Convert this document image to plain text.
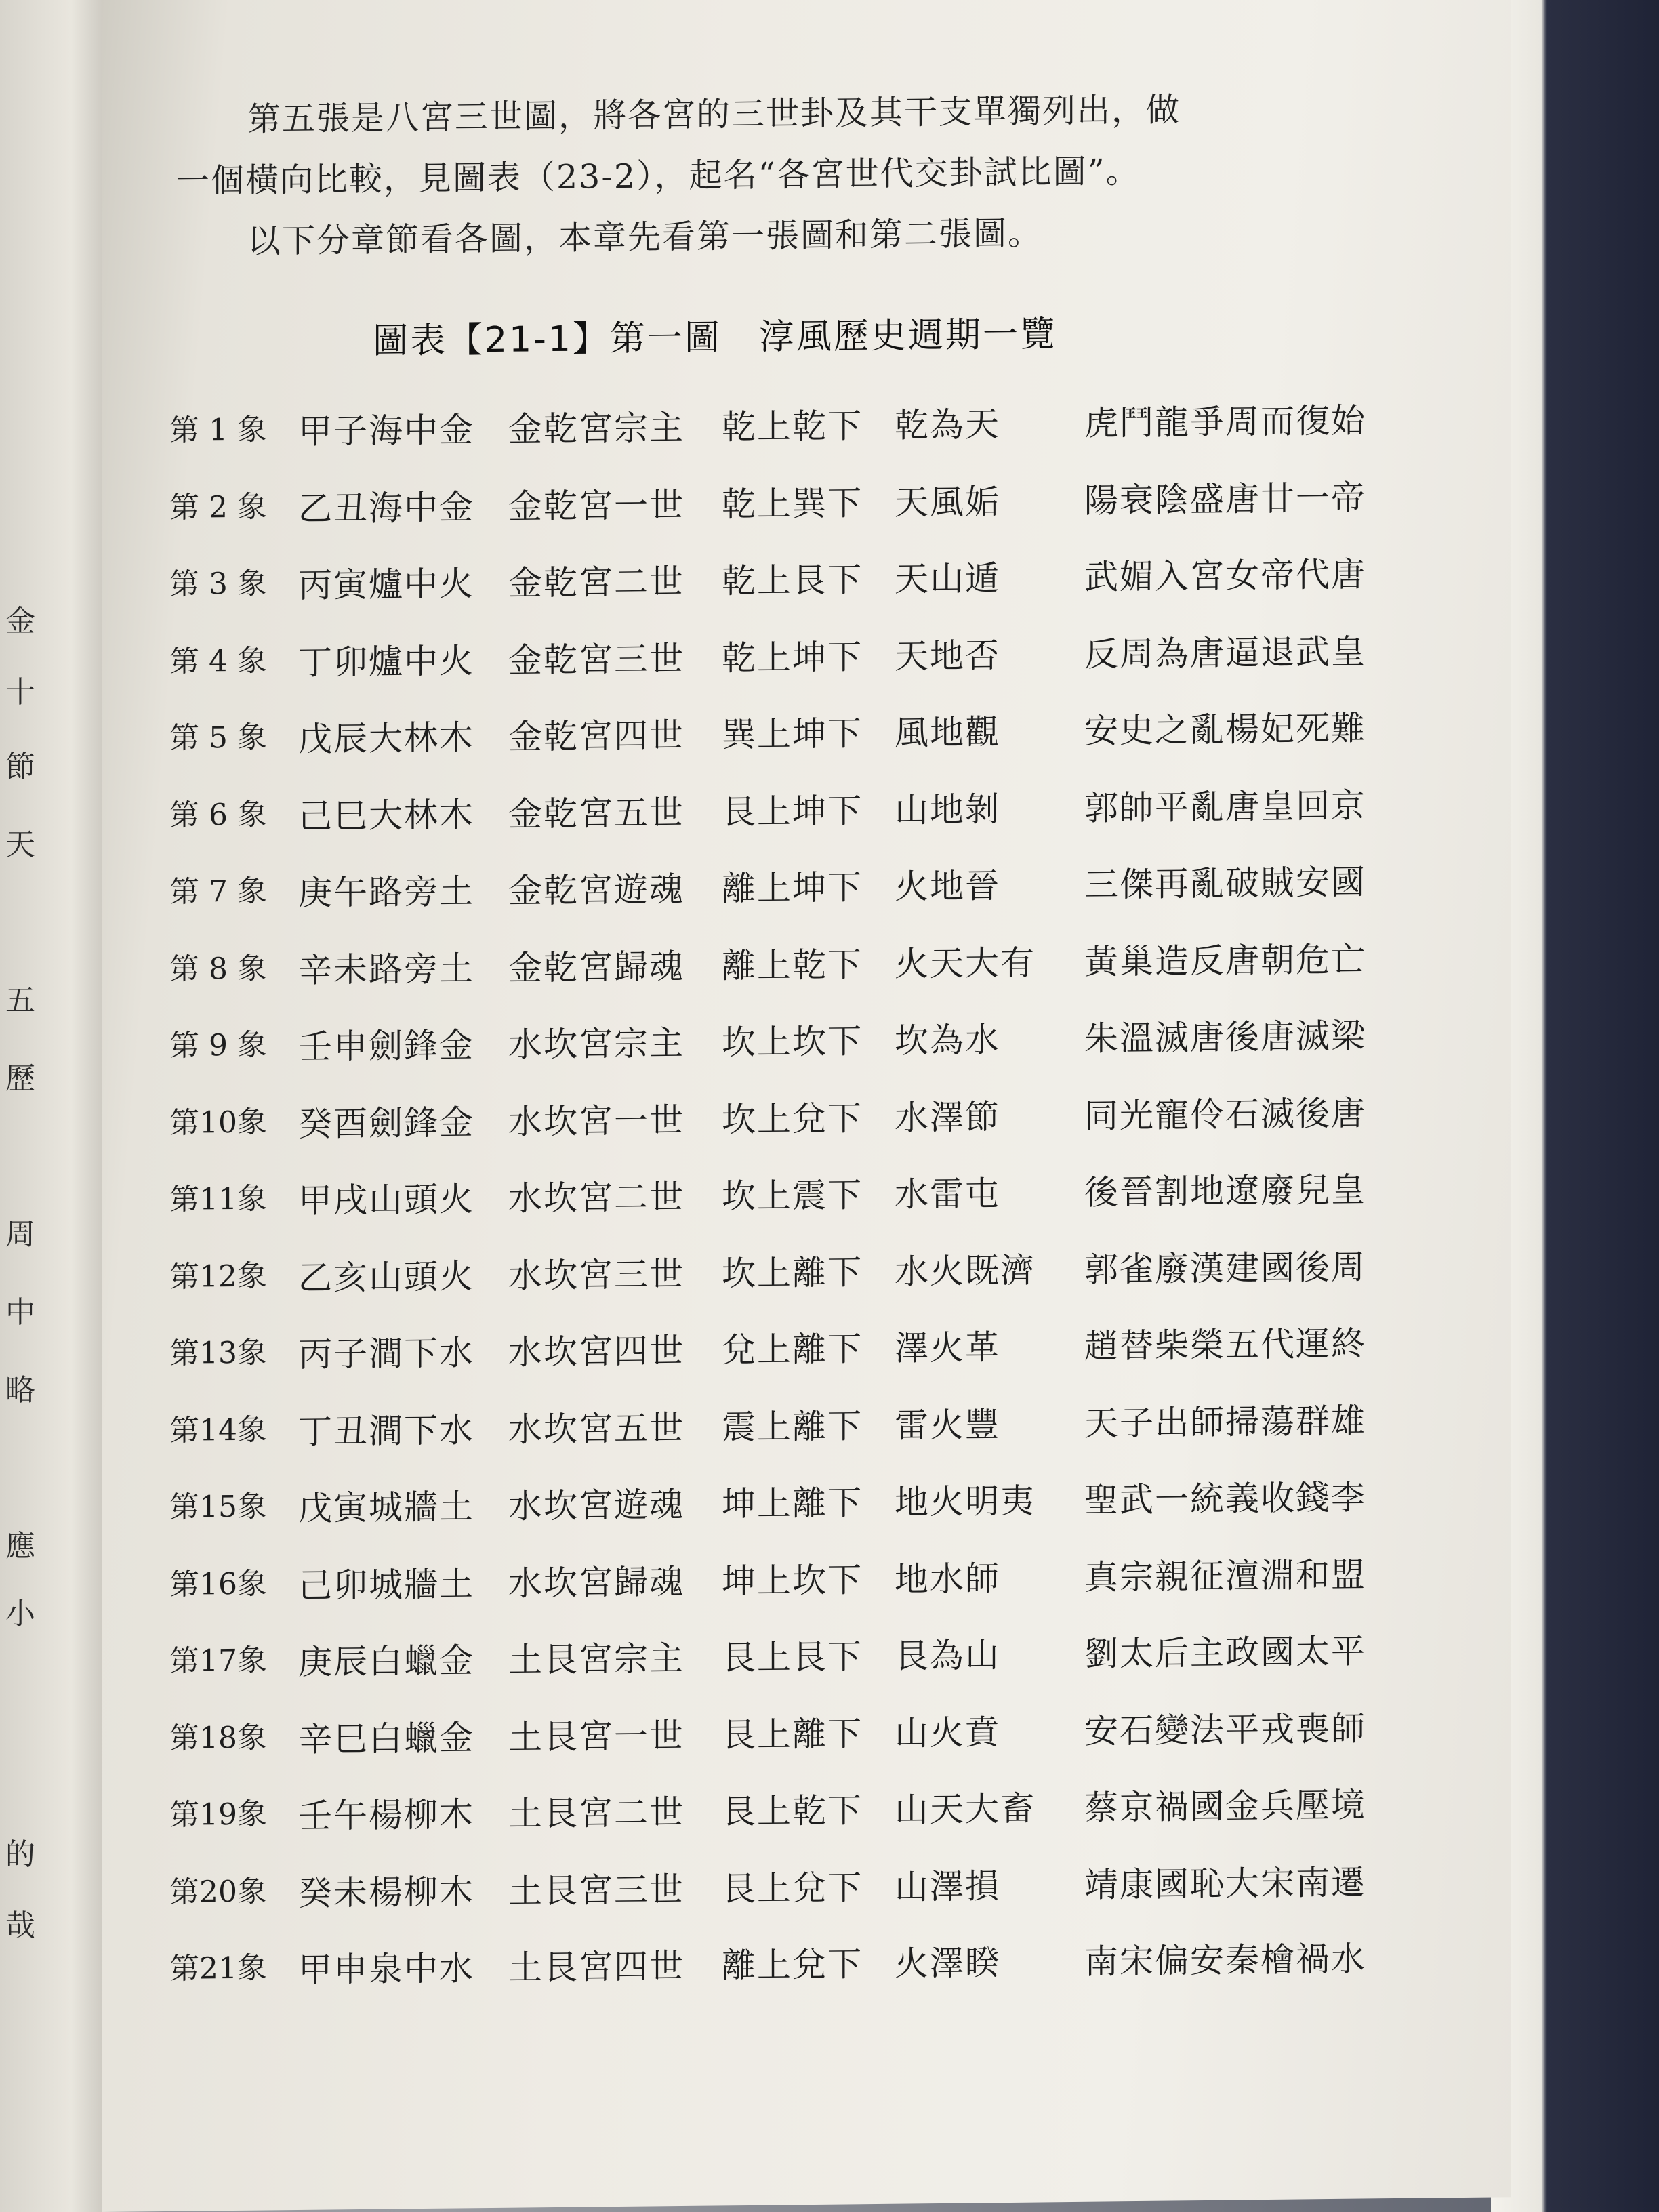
金
十
節
天
五
歷
周
中
略
應
小
的
哉
第五張是八宮三世圖，將各宮的三世卦及其干支單獨列出，做
一個橫向比較，見圖表（23-2），起名“各宮世代交卦試比圖”。
以下分章節看各圖，本章先看第一張圖和第二張圖。
圖表【21-1】第一圖　淳風歷史週期一覽
第 1 象 甲子海中金 金乾宮宗主 乾上乾下 乾為天 虎鬥龍爭周而復始
第 2 象 乙丑海中金 金乾宮一世 乾上巽下 天風姤 陽衰陰盛唐廿一帝
第 3 象 丙寅爐中火 金乾宮二世 乾上艮下 天山遁 武媚入宮女帝代唐
第 4 象 丁卯爐中火 金乾宮三世 乾上坤下 天地否 反周為唐逼退武皇
第 5 象 戊辰大林木 金乾宮四世 巽上坤下 風地觀 安史之亂楊妃死難
第 6 象 己巳大林木 金乾宮五世 艮上坤下 山地剝 郭帥平亂唐皇回京
第 7 象 庚午路旁土 金乾宮遊魂 離上坤下 火地晉 三傑再亂破賊安國
第 8 象 辛未路旁土 金乾宮歸魂 離上乾下 火天大有 黃巢造反唐朝危亡
第 9 象 壬申劍鋒金 水坎宮宗主 坎上坎下 坎為水 朱溫滅唐後唐滅梁
第10象 癸酉劍鋒金 水坎宮一世 坎上兌下 水澤節 同光寵伶石滅後唐
第11象 甲戌山頭火 水坎宮二世 坎上震下 水雷屯 後晉割地遼廢兒皇
第12象 乙亥山頭火 水坎宮三世 坎上離下 水火既濟 郭雀廢漢建國後周
第13象 丙子澗下水 水坎宮四世 兌上離下 澤火革 趙替柴榮五代運終
第14象 丁丑澗下水 水坎宮五世 震上離下 雷火豐 天子出師掃蕩群雄
第15象 戊寅城牆土 水坎宮遊魂 坤上離下 地火明夷 聖武一統義收錢李
第16象 己卯城牆土 水坎宮歸魂 坤上坎下 地水師 真宗親征澶淵和盟
第17象 庚辰白蠟金 土艮宮宗主 艮上艮下 艮為山 劉太后主政國太平
第18象 辛巳白蠟金 土艮宮一世 艮上離下 山火賁 安石變法平戎喪師
第19象 壬午楊柳木 土艮宮二世 艮上乾下 山天大畜 蔡京禍國金兵壓境
第20象 癸未楊柳木 土艮宮三世 艮上兌下 山澤損 靖康國恥大宋南遷
第21象 甲申泉中水 土艮宮四世 離上兌下 火澤睽 南宋偏安秦檜禍水
